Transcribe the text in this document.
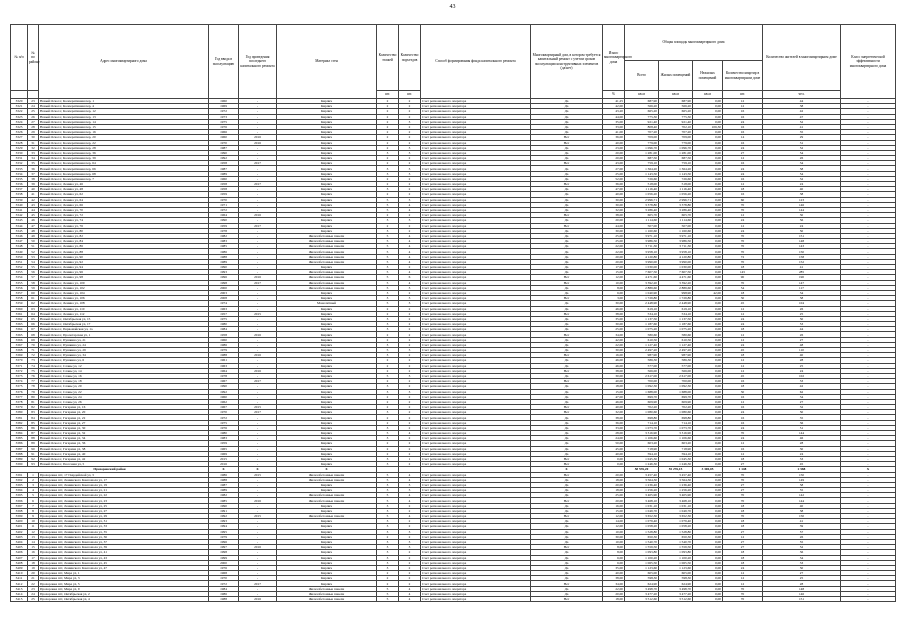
43
№ п/п	№ по району	Адрес многоквартирного дома	Год ввода в эксплуатацию	Год проведения последнего капитального ремонта	Материал стен	Количество этажей	Количество подъездов	Способ формирования фонда капитального ремонта	Многоквартирный дом, в котором требуется капитальный ремонт с учетом сроков эксплуатации конструктивных элементов (да/нет)	Износ многоквартирного дома	Общая площадь многоквартирного дома				Количество жителей в многоквартирном доме	Класс энергетической эффективности многоквартирного дома
											Всего	Жилых помещений	Нежилых помещений	Количество квартир в многоквартирном доме		
						шт.	шт.			%	кв.м	кв.м	кв.м	шт.	чел.	
3320	23	Новый Оскол г, Кооперативная пер, 1	1960	-	Кирпич	2	2	Счет регионального оператора	Да	41,25	687,90	687,90	0,00	12	44	-
3321	24	Новый Оскол г, Кооперативная пер, 4	1969	-	Кирпич	2	2	Счет регионального оператора	Да	42,00	566,20	566,20	0,00	12	38	-
3322	25	Новый Оскол г, Кооперативная пер, 12	1972	-	Кирпич	2	2	Счет регионального оператора	Да	43,20	665,20	665,20	0,00	16	42	-
3323	26	Новый Оскол г, Кооперативная пер, 13	1973	-	Кирпич	2	2	Счет регионального оператора	Да	44,00	775,30	775,30	0,00	16	47	-
3324	27	Новый Оскол г, Кооперативная пер, 14	1975	-	Кирпич	2	3	Счет регионального оператора	Да	35,00	921,40	921,40	0,00	24	52	-
3325	28	Новый Оскол г, Кооперативная пер, 15	1976	-	Кирпич	2	2	Счет регионального оператора	Да	33,00	808,40	702,10	106,30	16	41	-
3326	29	Новый Оскол г, Кооперативная пер, 16	1966	-	Кирпич	2	2	Счет регионального оператора	Да	41,00	707,20	707,20	0,00	16	35	-
3327	30	Новый Оскол г, Кооперативная пер, 20	1960	2016	Кирпич	2	2	Счет регионального оператора	Нет	36,00	709,00	709,00	0,00	14	29	-
3328	31	Новый Оскол г, Кооперативная пер, 22	1970	2016	Кирпич	2	2	Счет регионального оператора	Нет	40,00	779,00	779,00	0,00	16	31	-
3329	32	Новый Оскол г, Кооперативная пер, 28	1987	-	Кирпич	2	3	Счет регионального оператора	Да	23,00	1 096,70	1 096,70	0,00	24	52	-
3330	33	Новый Оскол г, Кооперативная пер, 36	1990	-	Кирпич	3	3	Счет регионального оператора	Да	20,00	1 281,00	1 281,00	0,00	27	54	-
3331	34	Новый Оскол г, Кооперативная пер, 39	1992	-	Кирпич	2	2	Счет регионального оператора	Да	20,00	687,50	687,50	0,00	12	26	-
3332	35	Новый Оскол г, Кооперативная пер, 64	1958	2017	Кирпич	2	2	Счет регионального оператора	Нет	43,00	759,10	759,10	0,00	16	34	-
3333	36	Новый Оскол г, Кооперативная пер, 66	1987	-	Кирпич	3	3	Счет регионального оператора	Да	27,00	1 364,20	1 364,20	0,00	24	58	-
3334	37	Новый Оскол г, Кооперативная пер, 68	1989	-	Кирпич	3	3	Счет регионального оператора	Да	25,00	1 143,50	1 143,50	0,00	24	54	-
3335	38	Новый Оскол г, Кооперативная пер, 7	1960	-	Кирпич	2	2	Счет регионального оператора	Да	52,00	726,60	726,60	0,00	16	32	-
3336	39	Новый Оскол г, Ленина ул, 46	1958	2017	Кирпич	2	2	Счет регионального оператора	Нет	36,00	518,00	518,00	0,00	12	24	-
3337	40	Новый Оскол г, Ленина ул, 48	1958	-	Кирпич	3	2	Счет регионального оператора	Да	47,00	1 116,40	1 116,40	0,00	18	40	-
3338	41	Новый Оскол г, Ленина ул, 62	1959	-	Кирпич	2	2	Счет регионального оператора	Да	40,00	1 056,20	1 056,20	0,00	16	38	-
3339	42	Новый Оскол г, Ленина ул, 64	1970	-	Кирпич	5	3	Счет регионального оператора	Да	30,00	2 996,71	2 996,71	0,00	60	123	-
3340	43	Новый Оскол г, Ленина ул, 66	1971	-	Кирпич	5	4	Счет регионального оператора	Да	30,00	3 378,80	3 378,80	0,00	70	146	-
3341	44	Новый Оскол г, Ленина ул, 70	1972	-	Кирпич	5	4	Счет регионального оператора	Да	32,00	3 286,40	3 286,40	0,00	70	144	-
3342	45	Новый Оскол г, Ленина ул, 72	1964	2016	Кирпич	2	2	Счет регионального оператора	Нет	38,00	605,70	605,70	0,00	12	30	-
3343	46	Новый Оскол г, Ленина ул, 74	1990	-	Кирпич	3	3	Счет регионального оператора	Да	20,00	1 114,60	1 114,60	0,00	24	56	-
3344	47	Новый Оскол г, Ленина ул, 76	1959	2017	Кирпич	2	2	Счет регионального оператора	Нет	44,00	507,00	507,00	0,00	12	24	-
3345	48	Новый Оскол г, Ленина ул, 80	1978	-	Кирпич	3	2	Счет регионального оператора	Да	30,00	1 160,60	1 160,60	0,00	24	50	-
3346	49	Новый Оскол г, Ленина ул, 82	1982	-	Железобетонные панели	5	4	Счет регионального оператора	Да	25,00	3 971,10	3 971,10	0,00	70	151	-
3347	50	Новый Оскол г, Ленина ул, 84	1983	-	Железобетонные панели	5	4	Счет регионального оператора	Да	25,00	3 986,50	3 986,50	0,00	70	148	-
3348	51	Новый Оскол г, Ленина ул, 86	1985	-	Железобетонные панели	5	4	Счет регионального оператора	Да	22,00	3 711,30	3 711,30	0,00	70	143	-
3349	52	Новый Оскол г, Ленина ул, 88	1986	-	Железобетонные панели	5	4	Счет регионального оператора	Да	22,00	3 958,10	3 958,10	0,00	70	150	-
3350	53	Новый Оскол г, Ленина ул, 90	1988	-	Железобетонные панели	5	4	Счет регионального оператора	Да	20,00	4 120,80	4 120,80	0,00	72	158	-
3351	54	Новый Оскол г, Ленина ул, 92	1989	-	Железобетонные панели	5	4	Счет регионального оператора	Да	20,00	3 990,00	3 990,00	0,00	70	152	-
3352	55	Новый Оскол г, Ленина ул, 94	1990	-	Кирпич	3	2	Счет регионального оператора	Да	17,00	1 030,00	1 030,00	0,00	18	41	-
3353	56	Новый Оскол г, Ленина ул, 96	1993	-	Железобетонные панели	5	4	Счет регионального оператора	Да	15,00	7 607,50	7 607,50	0,00	145	285	-
3354	57	Новый Оскол г, Ленина ул, 98	1996	2016	Железобетонные панели	5	6	Счет регионального оператора	Нет	12,00	4 471,60	4 471,60	0,00	90	190	-
3355	58	Новый Оскол г, Ленина ул, 100	1998	2017	Железобетонные панели	5	4	Счет регионального оператора	Нет	10,00	3 392,20	3 392,20	0,00	70	147	-
3356	59	Новый Оскол г, Ленина ул, 102	2000	-	Железобетонные панели	5	3	Счет регионального оператора	Да	8,00	2 889,60	2 889,60	0,00	54	117	-
3357	60	Новый Оскол г, Ленина ул, 104	2003	-	Кирпич	3	2	Счет регионального оператора	Да	6,00	1 040,90	998,90	42,00	18	34	-
3358	61	Новый Оскол г, Ленина ул, 106	2008	-	Кирпич	3	3	Счет регионального оператора	Нет	3,00	1 729,80	1 729,80	0,00	30	58	-
3359	62	Новый Оскол г, Ленина ул, 108	1974	-	Монолитный	5	3	Счет регионального оператора	Да	30,00	2 448,90	2 448,90	0,00	45	104	-
3360	63	Новый Оскол г, Ленина ул, 110	1963	-	Кирпич	2	2	Счет регионального оператора	Да	46,00	619,10	619,10	0,00	12	26	-
3361	64	Новый Оскол г, Ленина ул, 112	1957	2015	Кирпич	2	2	Счет регионального оператора	Нет	38,00	534,10	534,10	0,00	12	25	-
3362	65	Новый Оскол г, Октябрьская ул, 15	1975	-	Кирпич	3	2	Счет регионального оператора	Да	35,00	1 137,50	1 137,50	0,00	24	50	-
3363	66	Новый Оскол г, Октябрьская ул, 17	1980	-	Кирпич	3	2	Счет регионального оператора	Да	30,00	1 187,60	1 187,60	0,00	24	53	-
3364	67	Новый Оскол г, Первомайская ул, 1а	1984	-	Кирпич	3	2	Счет регионального оператора	Да	25,00	1 075,20	1 075,20	0,00	18	44	-
3365	68	Новый Оскол г, Пролетарская ул, 1	1958	2016	Кирпич	2	2	Счет регионального оператора	Нет	34,00	580,60	580,60	0,00	12	26	-
3366	69	Новый Оскол г, Пушкина ул, 21	1960	-	Кирпич	2	2	Счет регионального оператора	Да	42,00	610,50	610,50	0,00	12	27	-
3367	70	Новый Оскол г, Пушкина ул, 24	1986	-	Кирпич	3	2	Счет регионального оператора	Да	22,00	1 127,40	1 127,40	0,00	24	48	-
3368	71	Новый Оскол г, Пушкина ул, 29	1979	-	Кирпич	5	3	Счет регионального оператора	Да	30,00	2 497,20	2 497,20	0,00	45	110	-
3369	72	Новый Оскол г, Пушкина ул, 34	1988	2016	Кирпич	3	2	Счет регионального оператора	Нет	16,00	987,90	987,90	0,00	18	40	-
3370	73	Новый Оскол г, Пушкина ул, 6	1961	-	Кирпич	2	2	Счет регионального оператора	Да	46,00	586,30	586,30	0,00	12	28	-
3371	74	Новый Оскол г, Славы ул, 12	1963	-	Кирпич	2	2	Счет регионального оператора	Да	46,00	577,00	577,00	0,00	12	25	-
3372	75	Новый Оскол г, Славы ул, 14	1964	2016	Кирпич	2	2	Счет регионального оператора	Нет	38,00	566,00	566,00	0,00	12	24	-
3373	76	Новый Оскол г, Славы ул, 16	1978	-	Кирпич	5	3	Счет регионального оператора	Да	30,00	2 617,00	2 617,00	0,00	45	102	-
3374	77	Новый Оскол г, Славы ул, 18	1967	2017	Кирпич	2	2	Счет регионального оператора	Нет	40,00	700,00	700,00	0,00	16	33	-
3375	78	Новый Оскол г, Славы ул, 20	1990	-	Кирпич	3	2	Счет регионального оператора	Да	18,00	1 092,30	1 092,30	0,00	18	42	-
3376	79	Новый Оскол г, Славы ул, 22	1992	-	Кирпич	3	3	Счет регионального оператора	Да	15,00	1 688,00	1 688,00	0,00	30	62	-
3377	80	Новый Оскол г, Славы ул, 24	1960	-	Кирпич	2	2	Счет регионального оператора	Да	47,00	699,70	699,70	0,00	16	34	-
3378	81	Новый Оскол г, Славы ул, 26	1962	-	Кирпич	2	2	Счет регионального оператора	Да	46,00	609,90	609,90	0,00	12	27	-
3379	82	Новый Оскол г, Гагарина ул, 16	1967	2015	Кирпич	2	2	Счет регионального оператора	Нет	40,00	702,20	702,20	0,00	16	32	-
3380	83	Новый Оскол г, Гагарина ул, 20	1970	2017	Кирпич	3	2	Счет регионального оператора	Нет	32,00	1 080,60	1 080,60	0,00	24	50	-
3381	84	Новый Оскол г, Гагарина ул, 22	1972	-	Кирпич	2	2	Счет регионального оператора	Да	38,00	698,80	698,80	0,00	16	35	-
3382	85	Новый Оскол г, Гагарина ул, 27	1975	-	Кирпич	2	2	Счет регионального оператора	Да	36,00	714,10	714,10	0,00	16	36	-
3383	86	Новый Оскол г, Гагарина ул, 30	1976	-	Кирпич	3	2	Счет регионального оператора	Да	33,00	1 073,70	1 073,70	0,00	24	51	-
3384	87	Новый Оскол г, Гагарина ул, 32	1980	-	Кирпич	5	4	Счет регионального оператора	Да	28,00	3 316,90	3 316,90	0,00	70	144	-
3385	88	Новый Оскол г, Гагарина ул, 34	1983	-	Кирпич	3	2	Счет регионального оператора	Да	24,00	1 106,60	1 106,60	0,00	24	46	-
3386	89	Новый Оскол г, Гагарина ул, 36	1959	-	Кирпич	2	2	Счет регионального оператора	Да	50,00	603,20	603,20	0,00	12	28	-
3387	90	Новый Оскол г, Гагарина ул, 38	1965	-	Кирпич	2	2	Счет регионального оператора	Да	45,00	718,90	718,90	0,00	16	30	-
3388	91	Новый Оскол г, Гагарина ул, 40	1969	-	Кирпич	2	2	Счет регионального оператора	Да	40,00	594,10	594,10	0,00	12	24	-
3389	92	Новый Оскол г, Гагарина ул, 42	2015	-	Кирпич	3	1	Счет регионального оператора	Нет	0,00	1 045,30	1 045,30	0,00	18	33	-
3390	93	Новый Оскол г, Песочная ул, 5	2016	-	Кирпич	3	2	Счет регионального оператора	Нет	0,00	1 246,30	1 246,30	0,00	27	45	-
Прохоровский район			X	X	X				X		58 576,20	55 276,15	3 300,05	1 148	2 588	X
3391	1	Прохоровка пгт, 17 Гвардейской ул, 3	1986	2015	Железобетонные панели	5	4	Счет регионального оператора	Нет	20,00	3 457,40	3 457,40	0,00	70	150	-
3392	2	Прохоровка пгт, Ленинского Комсомола ул, 17	1988	-	Железобетонные панели	5	4	Счет регионального оператора	Да	18,00	3 564,30	3 564,30	0,00	70	149	-
3393	3	Прохоровка пгт, Ленинского Комсомола ул, 19	1987	-	Кирпич	3	3	Счет регионального оператора	Да	20,00	1 236,40	1 236,40	0,00	27	58	-
3394	4	Прохоровка пгт, Ленинского Комсомола ул, 21	1989	-	Кирпич	3	3	Счет регионального оператора	Да	18,00	1 256,20	1 256,20	0,00	27	55	-
3395	5	Прохоровка пгт, Ленинского Комсомола ул, 22	1982	-	Железобетонные панели	5	4	Счет регионального оператора	Да	25,00	3 405,90	3 405,90	0,00	70	142	-
3396	6	Прохоровка пгт, Ленинского Комсомола ул, 23	1985	2016	Железобетонные панели	5	4	Счет регионального оператора	Нет	20,00	3 468,10	3 468,10	0,00	70	144	-
3397	7	Прохоровка пгт, Ленинского Комсомола ул, 25	1990	-	Кирпич	3	2	Счет регионального оператора	Да	16,00	1 031,10	1 031,10	0,00	18	40	-
3398	8	Прохоровка пгт, Ленинского Комсомола ул, 27	1991	-	Кирпич	3	2	Счет регионального оператора	Да	15,00	1 049,70	1 049,70	0,00	18	38	-
3399	9	Прохоровка пгт, Ленинского Комсомола ул, 29	1992	2015	Железобетонные панели	5	4	Счет регионального оператора	Нет	12,00	3 652,30	3 652,30	0,00	70	150	-
3400	10	Прохоровка пгт, Ленинского Комсомола ул, 31	1993	-	Кирпич	3	2	Счет регионального оператора	Да	14,00	1 079,40	1 079,40	0,00	18	41	-
3401	11	Прохоровка пгт, Ленинского Комсомола ул, 33	1994	-	Кирпич	3	2	Счет регионального оператора	Да	12,00	1 058,20	1 058,20	0,00	18	39	-
3402	12	Прохоровка пгт, Ленинского Комсомола ул, 35	1995	-	Кирпич	3	3	Счет регионального оператора	Да	10,00	1 528,80	1 528,80	0,00	27	57	-
3403	13	Прохоровка пгт, Ленинского Комсомола ул, 36	1979	-	Кирпич	2	2	Счет регионального оператора	Да	30,00	650,30	650,30	0,00	12	26	-
3404	14	Прохоровка пгт, Ленинского Комсомола ул, 37	1996	-	Кирпич	3	3	Счет регионального оператора	Да	10,00	1 540,70	1 540,70	0,00	27	55	-
3405	15	Прохоровка пгт, Ленинского Комсомола ул, 39	1997	2016	Кирпич	3	3	Счет регионального оператора	Нет	8,00	1 559,50	1 559,50	0,00	27	52	-
3406	16	Прохоровка пгт, Ленинского Комсомола ул, 41	1998	-	Кирпич	3	2	Счет регионального оператора	Да	8,00	1 093,80	1 093,80	0,00	18	36	-
3407	17	Прохоровка пгт, Ленинского Комсомола ул, 43	1999	-	Кирпич	3	2	Счет регионального оператора	Да	6,00	1 100,20	1 100,20	0,00	18	34	-
3408	18	Прохоровка пгт, Ленинского Комсомола ул, 45	2000	-	Кирпич	3	2	Счет регионального оператора	Да	6,00	1 065,50	1 065,50	0,00	18	33	-
3409	19	Прохоровка пгт, Ленинского Комсомола ул, 47	1976	-	Кирпич	3	2	Счет регионального оператора	Да	35,00	1 123,60	1 123,60	0,00	24	50	-
3410	20	Прохоровка пгт, Мира ул, 1	1968	-	Кирпич	2	2	Счет регионального оператора	Да	40,00	605,00	605,00	0,00	12	27	-
3411	21	Прохоровка пгт, Мира ул, 3	1970	-	Кирпич	2	2	Счет регионального оператора	Да	38,00	598,30	598,30	0,00	12	25	-
3412	22	Прохоровка пгт, Мира ул, 5	1972	2017	Кирпич	2	2	Счет регионального оператора	Нет	34,00	624,90	624,90	0,00	12	28	-
3413	23	Прохоровка пгт, Мира ул, 9	1984	-	Железобетонные панели	5	4	Счет регионального оператора	Да	22,00	3 498,70	3 498,70	0,00	70	148	-
3414	24	Прохоровка пгт, Октябрьская ул, 2	1986	-	Железобетонные панели	5	4	Счет регионального оператора	Да	20,00	3 477,20	3 477,20	0,00	70	146	-
3415	25	Прохоровка пгт, Октябрьская ул, 4	1988	2016	Железобетонные панели	5	4	Счет регионального оператора	Нет	18,00	3 512,60	3 512,60	0,00	70	151	-
